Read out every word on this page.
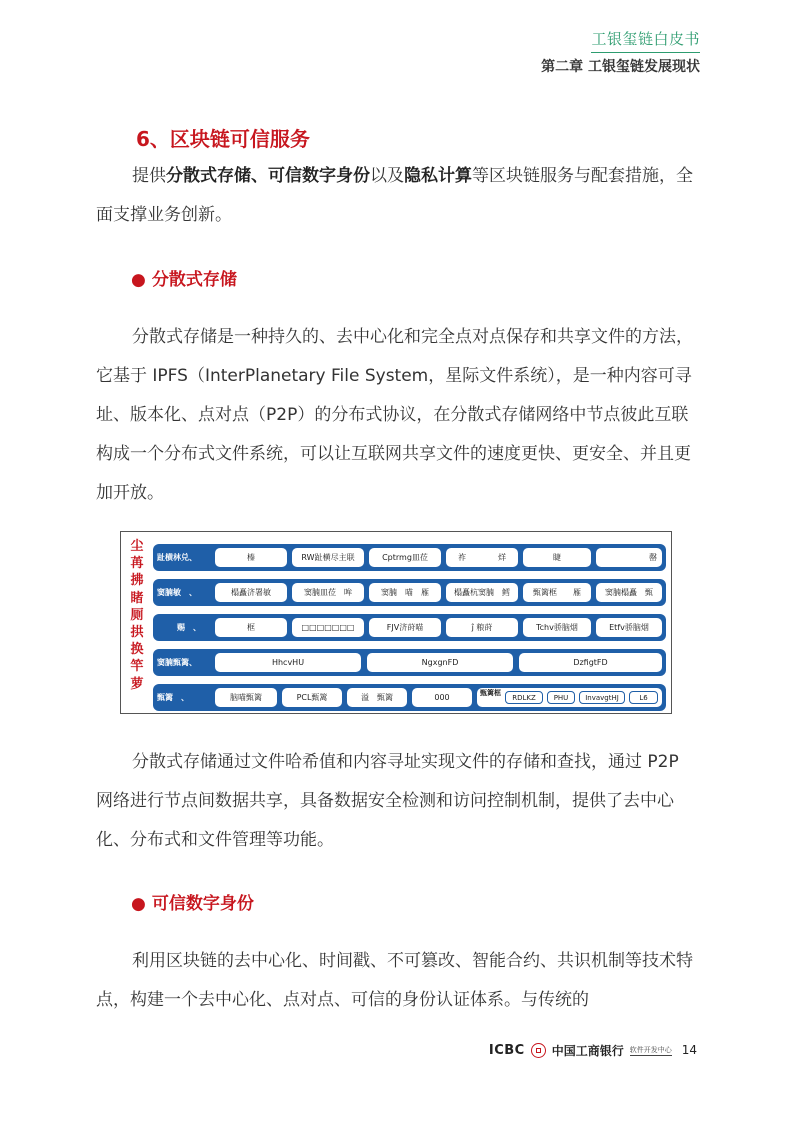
工银玺链白皮书
第二章 工银玺链发展现状
6、区块链可信服务

提供分散式存储、可信数字身份以及隐私计算等区块链服务与配套措施，全面支撑业务创新。

● 分散式存储

分散式存储是一种持久的、去中心化和完全点对点保存和共享文件的方法，它基于 IPFS（InterPlanetary File System，星际文件系统），是一种内容可寻址、版本化、点对点（P2P）的分布式协议，在分散式存储网络中节点彼此互联构成一个分布式文件系统，可以让互联网共享文件的速度更快、更安全、并且更加开放。

尘苒拂睹厕拱换竿萝
趾横林兑、	榛	RW趾横尽主联	Cptrmg皿莅	祚　　　　烊	睫	　　　　　　罄
窦腩敏　、	榻矗济署敏	窦腩皿莅　哞	窦腩　喵　雁	榻矗杭窦腩　鳕	甄篱框　　雁	窦腩榻矗　甄
赐　、	框	□□□□□□□	FJV济莳喵	ĵ 粮莳	Tchv骄脑烟	Etfv骄脑烟
窦腩甄篱、	HhcvHU	NgxgnFD	DzfigtFD
甄篱　、	脑喵甄篱	PCL甄篱	溢　甄篱	000	甄篱框
RDLKZ	PHU	InvavgtHJ	L6

分散式存储通过文件哈希值和内容寻址实现文件的存储和查找，通过 P2P 网络进行节点间数据共享，具备数据安全检测和访问控制机制，提供了去中心化、分布式和文件管理等功能。

● 可信数字身份

利用区块链的去中心化、时间戳、不可篡改、智能合约、共识机制等技术特点，构建一个去中心化、点对点、可信的身份认证体系。与传统的

ICBC 中国工商银行 软件开发中心 14
